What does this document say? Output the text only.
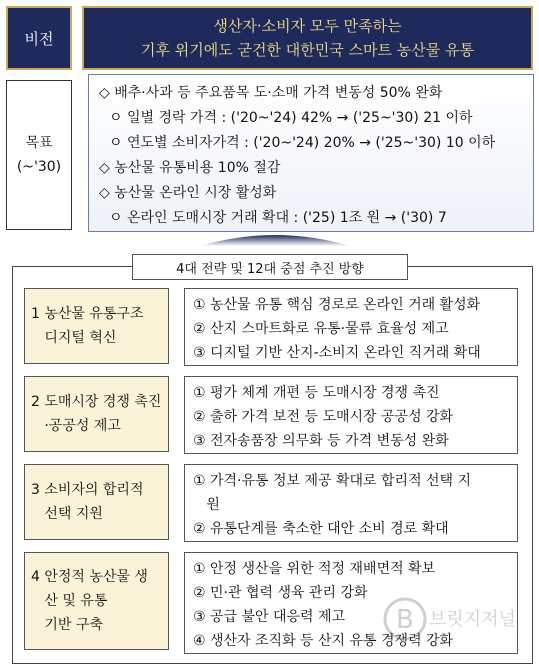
비전
생산자·소비자 모두 만족하는
기후 위기에도 굳건한 대한민국 스마트 농산물 유통
목표
(~'30)
◇ 배추·사과 등 주요품목 도·소매 가격 변동성 50% 완화
ㅇ 일별 경락 가격 : ('20~'24) 42% → ('25~'30) 21 이하
ㅇ 연도별 소비자가격 : ('20~'24) 20% → ('25~'30) 10 이하
◇ 농산물 유통비용 10% 절감
◇ 농산물 온라인 시장 활성화
ㅇ 온라인 도매시장 거래 확대 : ('25) 1조 원 → ('30) 7
4대 전략 및 12대 중점 추진 방향
1 농산물 유통구조
디지털 혁신
① 농산물 유통 핵심 경로로 온라인 거래 활성화
② 산지 스마트화로 유통·물류 효율성 제고
③ 디지털 기반 산지-소비지 온라인 직거래 확대
2 도매시장 경쟁 촉진
·공공성 제고
① 평가 체계 개편 등 도매시장 경쟁 촉진
② 출하 가격 보전 등 도매시장 공공성 강화
③ 전자송품장 의무화 등 가격 변동성 완화
3 소비자의 합리적
선택 지원
① 가격·유통 정보 제공 확대로 합리적 선택 지
원
② 유통단계를 축소한 대안 소비 경로 확대
4 안정적 농산물 생
산 및 유통
기반 구축
① 안정 생산을 위한 적정 재배면적 확보
② 민·관 협력 생육 관리 강화
③ 공급 불안 대응력 제고
④ 생산자 조직화 등 산지 유통 경쟁력 강화
B 브릿지저널
